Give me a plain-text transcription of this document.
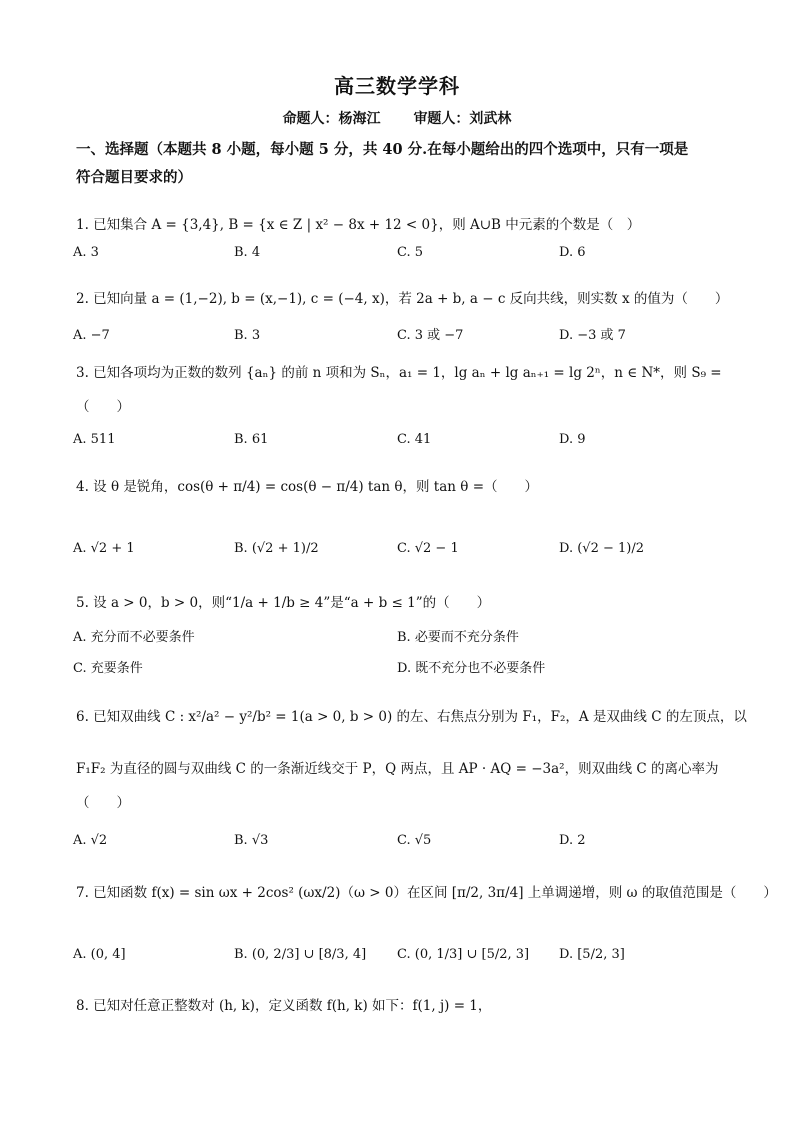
高三数学学科
命题人：杨海江 审题人：刘武林
一、选择题（本题共 8 小题，每小题 5 分，共 40 分.在每小题给出的四个选项中，只有一项是
符合题目要求的）
1. 已知集合 A = {3,4}, B = {x ∈ Z | x² − 8x + 12 < 0}，则 A∪B 中元素的个数是（　）
A. 3	B. 4	C. 5	D. 6
2. 已知向量 a = (1,−2), b = (x,−1), c = (−4, x)，若 2a + b, a − c 反向共线，则实数 x 的值为（　　）
A. −7	B. 3	C. 3 或 −7	D. −3 或 7
3. 已知各项均为正数的数列 {aₙ} 的前 n 项和为 Sₙ，a₁ = 1，lg aₙ + lg aₙ₊₁ = lg 2ⁿ，n ∈ N*，则 S₉ =
（　　）
A. 511	B. 61	C. 41	D. 9
4. 设 θ 是锐角，cos(θ + π/4) = cos(θ − π/4) tan θ，则 tan θ =（　　）
A. √2 + 1	B. (√2 + 1)/2	C. √2 − 1	D. (√2 − 1)/2
5. 设 a > 0，b > 0，则“1/a + 1/b ≥ 4”是“a + b ≤ 1”的（　　）
A. 充分而不必要条件	B. 必要而不充分条件
C. 充要条件	D. 既不充分也不必要条件
6. 已知双曲线 C : x²/a² − y²/b² = 1(a > 0, b > 0) 的左、右焦点分别为 F₁，F₂，A 是双曲线 C 的左顶点，以
F₁F₂ 为直径的圆与双曲线 C 的一条渐近线交于 P，Q 两点，且 AP · AQ = −3a²，则双曲线 C 的离心率为
（　　）
A. √2	B. √3	C. √5	D. 2
7. 已知函数 f(x) = sin ωx + 2cos² (ωx/2)（ω > 0）在区间 [π/2, 3π/4] 上单调递增，则 ω 的取值范围是（　　）
A. (0, 4]	B. (0, 2/3] ∪ [8/3, 4] C. (0, 1/3] ∪ [5/2, 3] D. [5/2, 3]
8. 已知对任意正整数对 (h, k)，定义函数 f(h, k) 如下：f(1, j) = 1，
